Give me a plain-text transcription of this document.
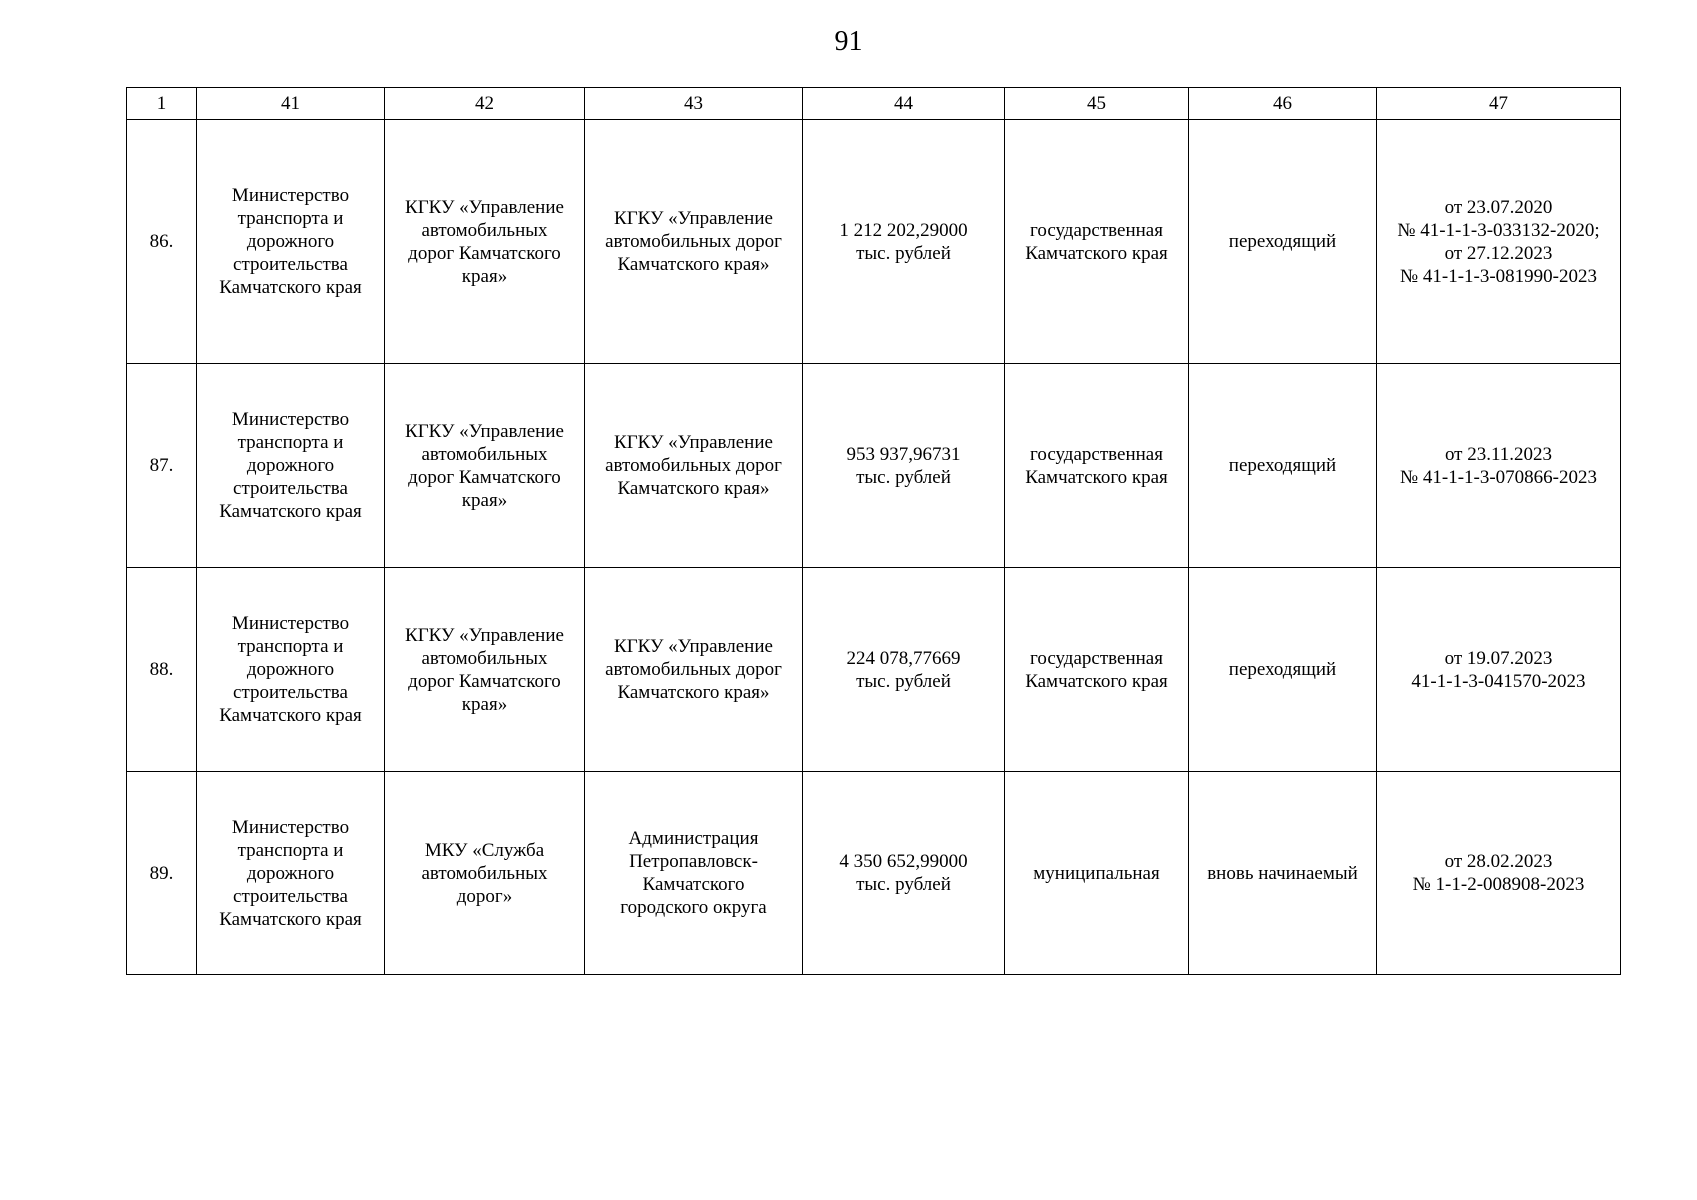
91
1	41	42	43	44	45	46	47
86.	Министерство
транспорта и
дорожного
строительства
Камчатского края	КГКУ «Управление
автомобильных
дорог Камчатского
края»	КГКУ «Управление
автомобильных дорог
Камчатского края»	1 212 202,29000
тыс. рублей	государственная
Камчатского края	переходящий	от 23.07.2020
№ 41-1-1-3-033132-2020;
от 27.12.2023
№ 41-1-1-3-081990-2023
87.	Министерство
транспорта и
дорожного
строительства
Камчатского края	КГКУ «Управление
автомобильных
дорог Камчатского
края»	КГКУ «Управление
автомобильных дорог
Камчатского края»	953 937,96731
тыс. рублей	государственная
Камчатского края	переходящий	от 23.11.2023
№ 41-1-1-3-070866-2023
88.	Министерство
транспорта и
дорожного
строительства
Камчатского края	КГКУ «Управление
автомобильных
дорог Камчатского
края»	КГКУ «Управление
автомобильных дорог
Камчатского края»	224 078,77669
тыс. рублей	государственная
Камчатского края	переходящий	от 19.07.2023
41-1-1-3-041570-2023
89.	Министерство
транспорта и
дорожного
строительства
Камчатского края	МКУ «Служба
автомобильных
дорог»	Администрация
Петропавловск-
Камчатского
городского округа	4 350 652,99000
тыс. рублей	муниципальная	вновь начинаемый	от 28.02.2023
№ 1-1-2-008908-2023
